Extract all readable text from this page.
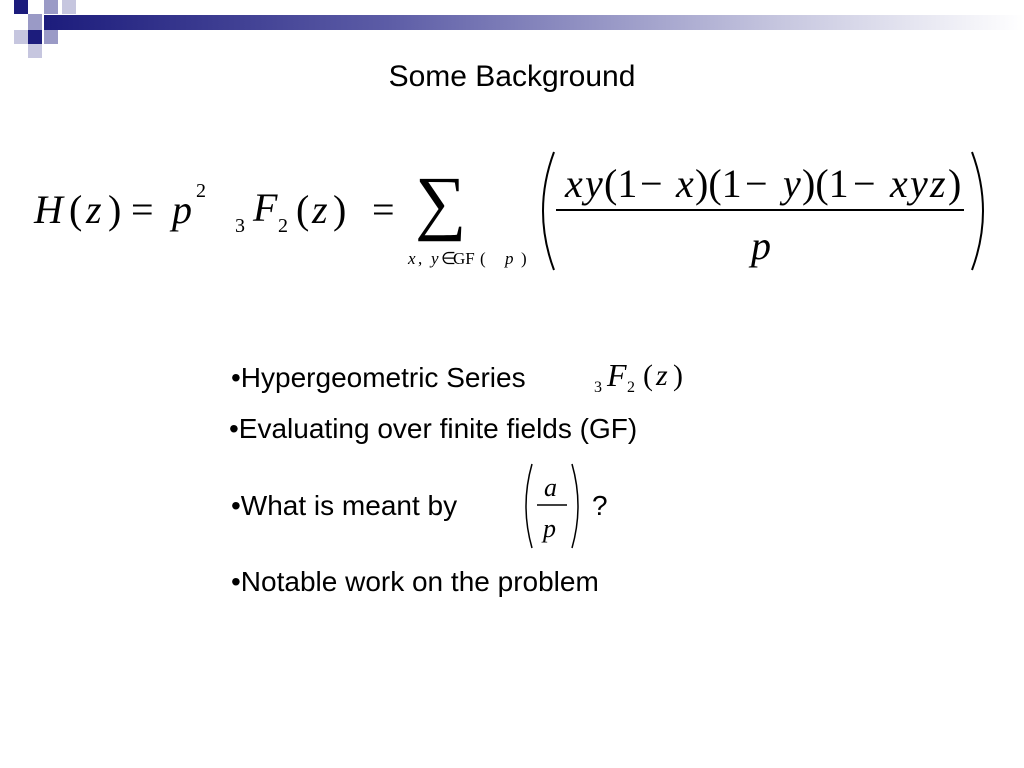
Some Background
H ( z ) = p 2
3 F 2 ( z ) = ∑
x , y ∈
GF ( p )
x y (1 − x )(1 − y )(1 − x y z )
p
•Hypergeometric Series	3 F 2 ( z )
•Evaluating over finite fields (GF)
•What is meant by
a
p
?
•Notable work on the problem
